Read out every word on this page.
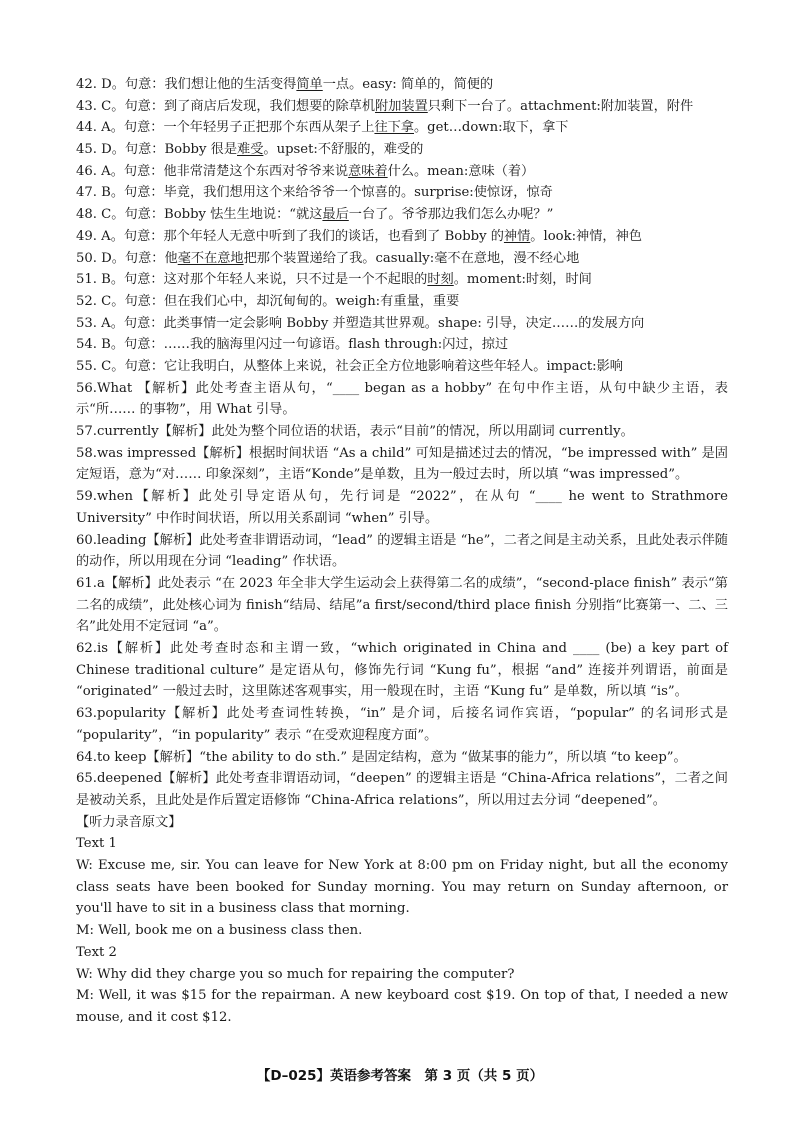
42. D。句意：我们想让他的生活变得简单一点。easy: 简单的，简便的
43. C。句意：到了商店后发现，我们想要的除草机附加装置只剩下一台了。attachment:附加装置，附件
44. A。句意：一个年轻男子正把那个东西从架子上往下拿。get…down:取下，拿下
45. D。句意：Bobby 很是难受。upset:不舒服的，难受的
46. A。句意：他非常清楚这个东西对爷爷来说意味着什么。mean:意味（着）
47. B。句意：毕竟，我们想用这个来给爷爷一个惊喜的。surprise:使惊讶，惊奇
48. C。句意：Bobby 怯生生地说：“就这最后一台了。爷爷那边我们怎么办呢？”
49. A。句意：那个年轻人无意中听到了我们的谈话，也看到了 Bobby 的神情。look:神情，神色
50. D。句意：他毫不在意地把那个装置递给了我。casually:毫不在意地，漫不经心地
51. B。句意：这对那个年轻人来说，只不过是一个不起眼的时刻。moment:时刻，时间
52. C。句意：但在我们心中，却沉甸甸的。weigh:有重量，重要
53. A。句意：此类事情一定会影响 Bobby 并塑造其世界观。shape: 引导，决定……的发展方向
54. B。句意：……我的脑海里闪过一句谚语。flash through:闪过，掠过
55. C。句意：它让我明白，从整体上来说，社会正全方位地影响着这些年轻人。impact:影响
56.What 【解析】此处考查主语从句，“____ began as a hobby” 在句中作主语，从句中缺少主语，表示“所…… 的事物”，用 What 引导。
57.currently【解析】此处为整个同位语的状语，表示“目前”的情况，所以用副词 currently。
58.was impressed【解析】根据时间状语 “As a child” 可知是描述过去的情况，“be impressed with” 是固定短语，意为“对…… 印象深刻”，主语“Konde”是单数，且为一般过去时，所以填 “was impressed”。
59.when【解析】此处引导定语从句，先行词是 “2022”，在从句 “____ he went to Strathmore University” 中作时间状语，所以用关系副词 “when” 引导。
60.leading【解析】此处考查非谓语动词，“lead” 的逻辑主语是 “he”，二者之间是主动关系，且此处表示伴随的动作，所以用现在分词 “leading” 作状语。
61.a【解析】此处表示 “在 2023 年全非大学生运动会上获得第二名的成绩”，“second-place finish” 表示“第二名的成绩”，此处核心词为 finish“结局、结尾”a first/second/third place finish 分别指“比赛第一、二、三名”此处用不定冠词 “a”。
62.is【解析】此处考查时态和主谓一致，“which originated in China and ____ (be) a key part of Chinese traditional culture” 是定语从句，修饰先行词 “Kung fu”，根据 “and” 连接并列谓语，前面是 “originated” 一般过去时，这里陈述客观事实，用一般现在时，主语 “Kung fu” 是单数，所以填 “is”。
63.popularity【解析】此处考查词性转换，“in” 是介词，后接名词作宾语，“popular” 的名词形式是 “popularity”，“in popularity” 表示 “在受欢迎程度方面”。
64.to keep【解析】“the ability to do sth.” 是固定结构，意为 “做某事的能力”，所以填 “to keep”。
65.deepened【解析】此处考查非谓语动词，“deepen” 的逻辑主语是 “China-Africa relations”，二者之间是被动关系，且此处是作后置定语修饰 “China-Africa relations”，所以用过去分词 “deepened”。
【听力录音原文】
Text 1
W: Excuse me, sir. You can leave for New York at 8:00 pm on Friday night, but all the economy class seats have been booked for Sunday morning. You may return on Sunday afternoon, or you'll have to sit in a business class that morning.
M: Well, book me on a business class then.
Text 2
W: Why did they charge you so much for repairing the computer?
M: Well, it was $15 for the repairman. A new keyboard cost $19. On top of that, I needed a new mouse, and it cost $12.
【D–025】英语参考答案　第 3 页（共 5 页）
